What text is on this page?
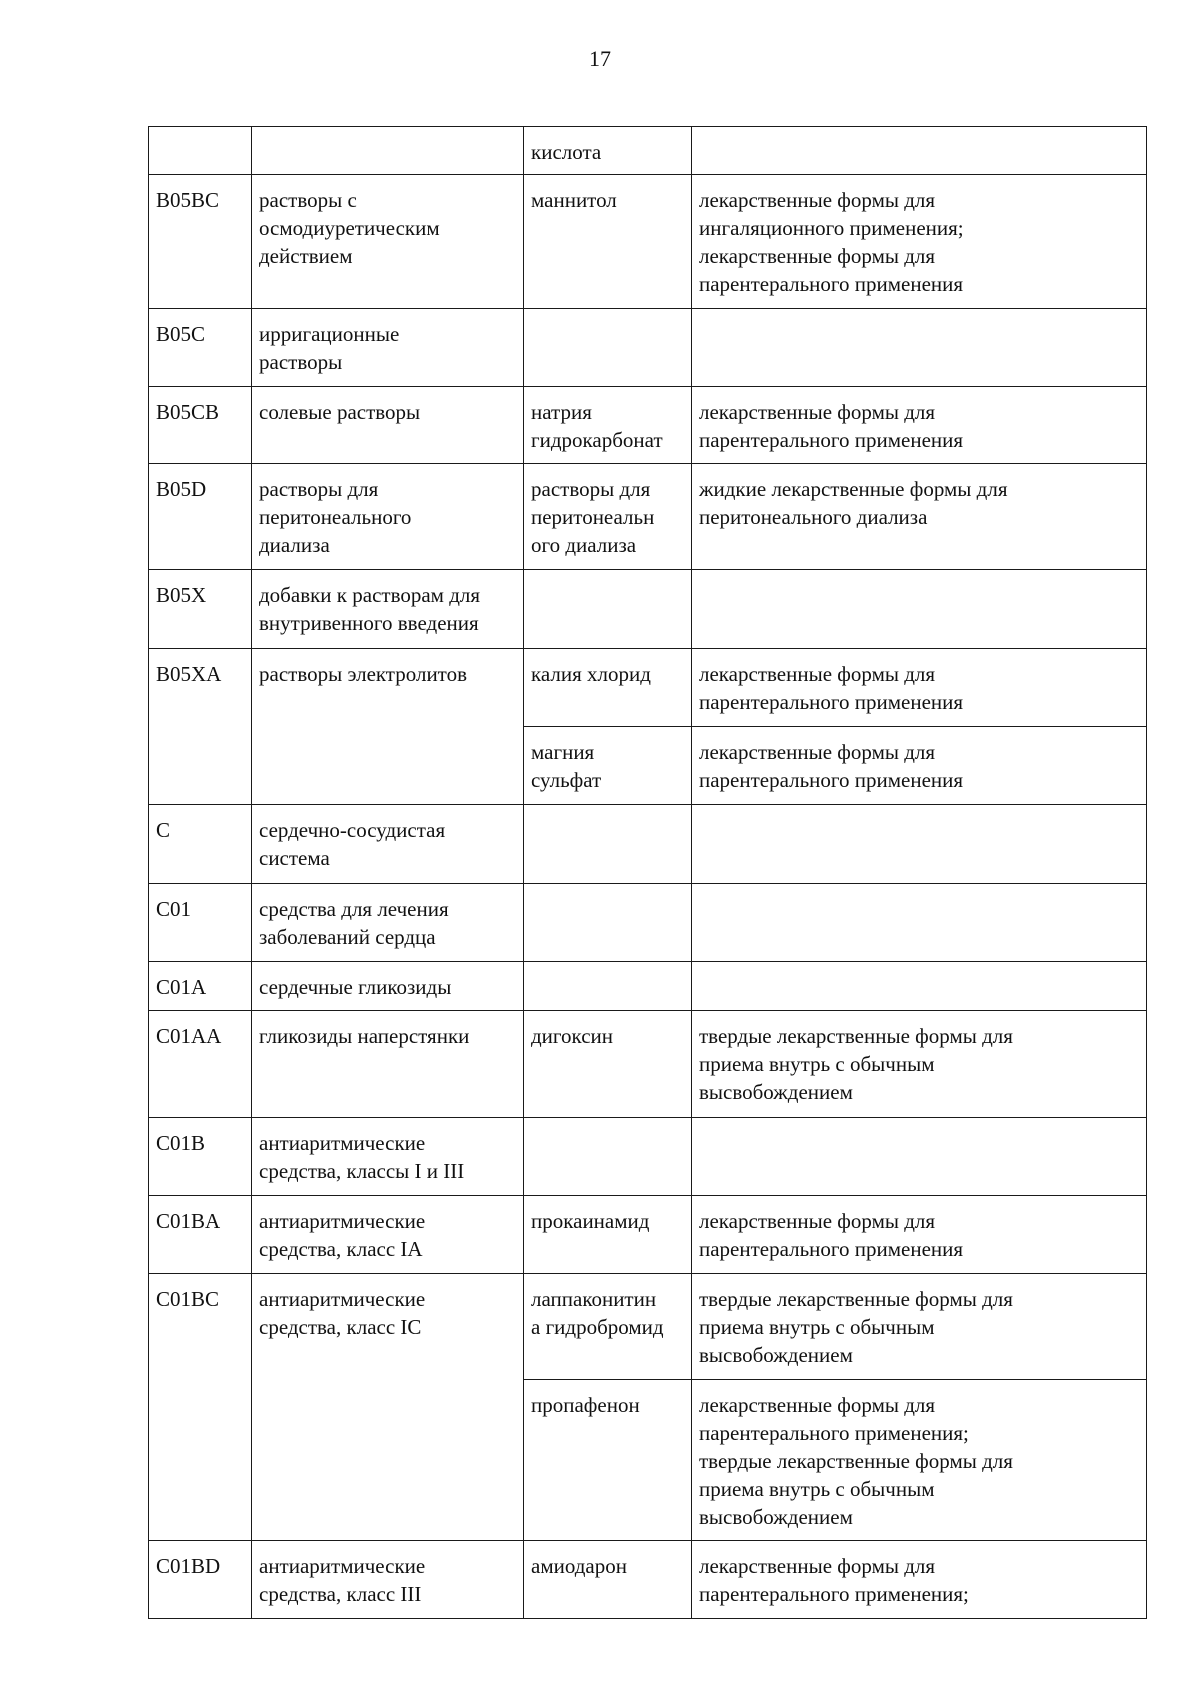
17

		кислота	

B05BC	растворы с
осмодиуретическим
действием	маннитол	лекарственные формы для
ингаляционного применения;
лекарственные формы для
парентерального применения

B05C	ирригационные
растворы		

B05CB	солевые растворы	натрия
гидрокарбонат	лекарственные формы для
парентерального применения

B05D	растворы для
перитонеального
диализа	растворы для
перитонеальн
ого диализа	жидкие лекарственные формы для
перитонеального диализа

B05X	добавки к растворам для
внутривенного введения		

B05XA	растворы электролитов	калия хлорид	лекарственные формы для
парентерального применения

		магния
сульфат	лекарственные формы для
парентерального применения

C	сердечно-сосудистая
система		

C01	средства для лечения
заболеваний сердца		

C01A	сердечные гликозиды		

C01AA	гликозиды наперстянки	дигоксин	твердые лекарственные формы для
приема внутрь с обычным
высвобождением

C01B	антиаритмические
средства, классы I и III		

C01BA	антиаритмические
средства, класс IA	прокаинамид	лекарственные формы для
парентерального применения

C01BC	антиаритмические
средства, класс IC	лаппаконитин
а гидробромид	твердые лекарственные формы для
приема внутрь с обычным
высвобождением

		пропафенон	лекарственные формы для
парентерального применения;
твердые лекарственные формы для
приема внутрь с обычным
высвобождением

C01BD	антиаритмические
средства, класс III	амиодарон	лекарственные формы для
парентерального применения;
